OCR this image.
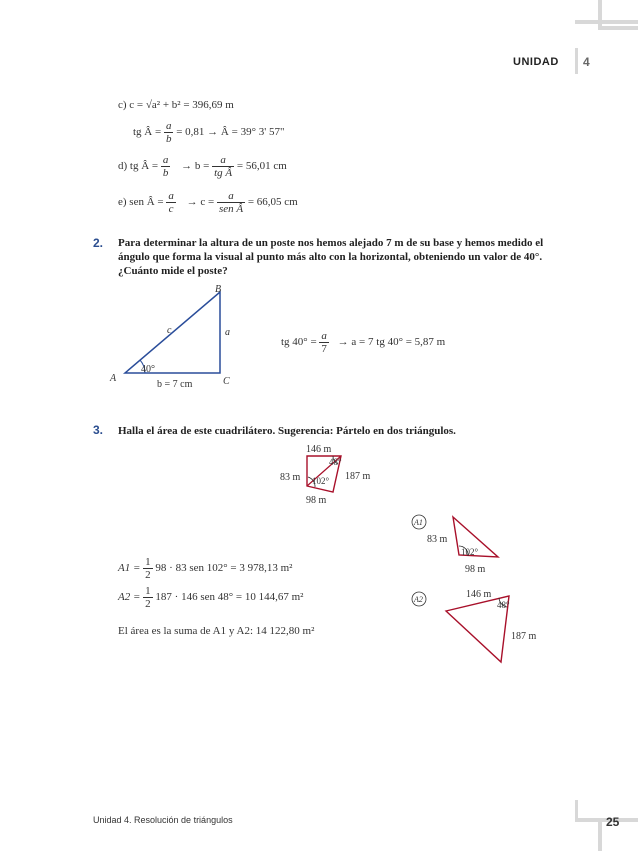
UNIDAD 4
c) c = √a² + b² = 396,69 m
tg Â = $\frac{a}{b} = 0,81$ → Â = 39° 3' 57"
d) tg Â = $\frac{a}{b} \to b = \frac{a}{\text{tg Â}} = 56,01$ cm
e) sen Â = $\frac{a}{c} \to c = \frac{a}{\text{sen Â}} = 66,05$ cm
2. Para determinar la altura de un poste nos hemos alejado 7 m de su base y hemos medido el ángulo que forma la visual al punto más alto con la horizontal, obteniendo un valor de 40°. ¿Cuánto mide el poste?
B
A	C
c	a
40°
b = 7 cm
tg $40^\circ = \frac{a}{7} \to a = 7$ tg 40° = 5,87 m
3. Halla el área de este cuadrilátero. Sugerencia: Pártelo en dos triángulos.
146 m
48°
83 m 102° 187 m
98 m
A1
83 m
102°
98 m
A2	146 m
48°
187 m
$A1 = \frac{1}{2} 98 \cdot 83$ sen 102° = 3 978,13 m²
$A2 = \frac{1}{2} 187 \cdot 146$ sen 48° = 10 144,67 m²
El área es la suma de A1 y A2: 14 122,80 m²
Unidad 4. Resolución de triángulos	25
